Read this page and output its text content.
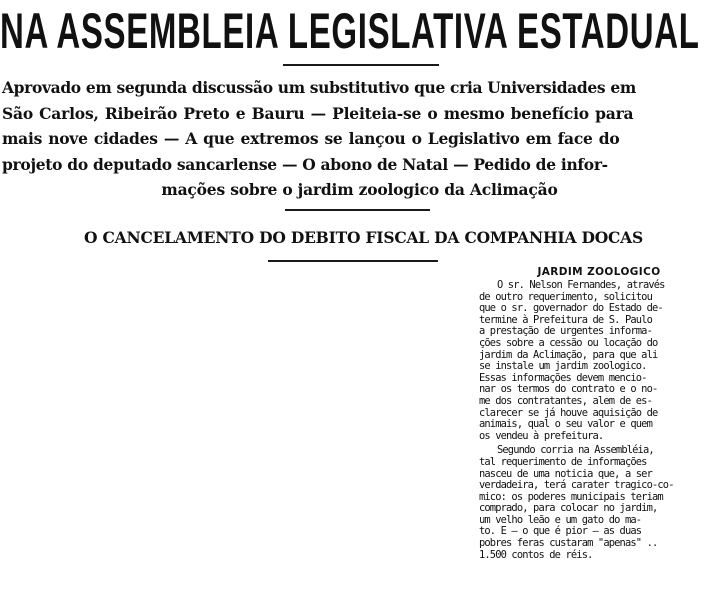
NA ASSEMBLEIA LEGISLATIVA ESTADUAL
Aprovado em segunda discussão um substitutivo que cria Universidades em
São Carlos, Ribeirão Preto e Bauru — Pleiteia-se o mesmo benefício para
mais nove cidades — A que extremos se lançou o Legislativo em face do
projeto do deputado sancarlense — O abono de Natal — Pedido de infor-
mações sobre o jardim zoologico da Aclimação
O CANCELAMENTO DO DEBITO FISCAL DA COMPANHIA DOCAS
JARDIM ZOOLOGICO
O sr. Nelson Fernandes, através
de outro requerimento, solicitou
que o sr. governador do Estado de-
termine à Prefeitura de S. Paulo
a prestação de urgentes informa-
ções sobre a cessão ou locação do
jardim da Aclimação, para que ali
se instale um jardim zoologico.
Essas informações devem mencio-
nar os termos do contrato e o no-
me dos contratantes, alem de es-
clarecer se já houve aquisição de
animais, qual o seu valor e quem
os vendeu à prefeitura.
Segundo corria na Assembléia,
tal requerimento de informações
nasceu de uma noticia que, a ser
verdadeira, terá carater tragico-co-
mico: os poderes municipais teriam
comprado, para colocar no jardim,
um velho leão e um gato do ma-
to. E — o que é pior — as duas
pobres feras custaram "apenas" ..
1.500 contos de réis.
